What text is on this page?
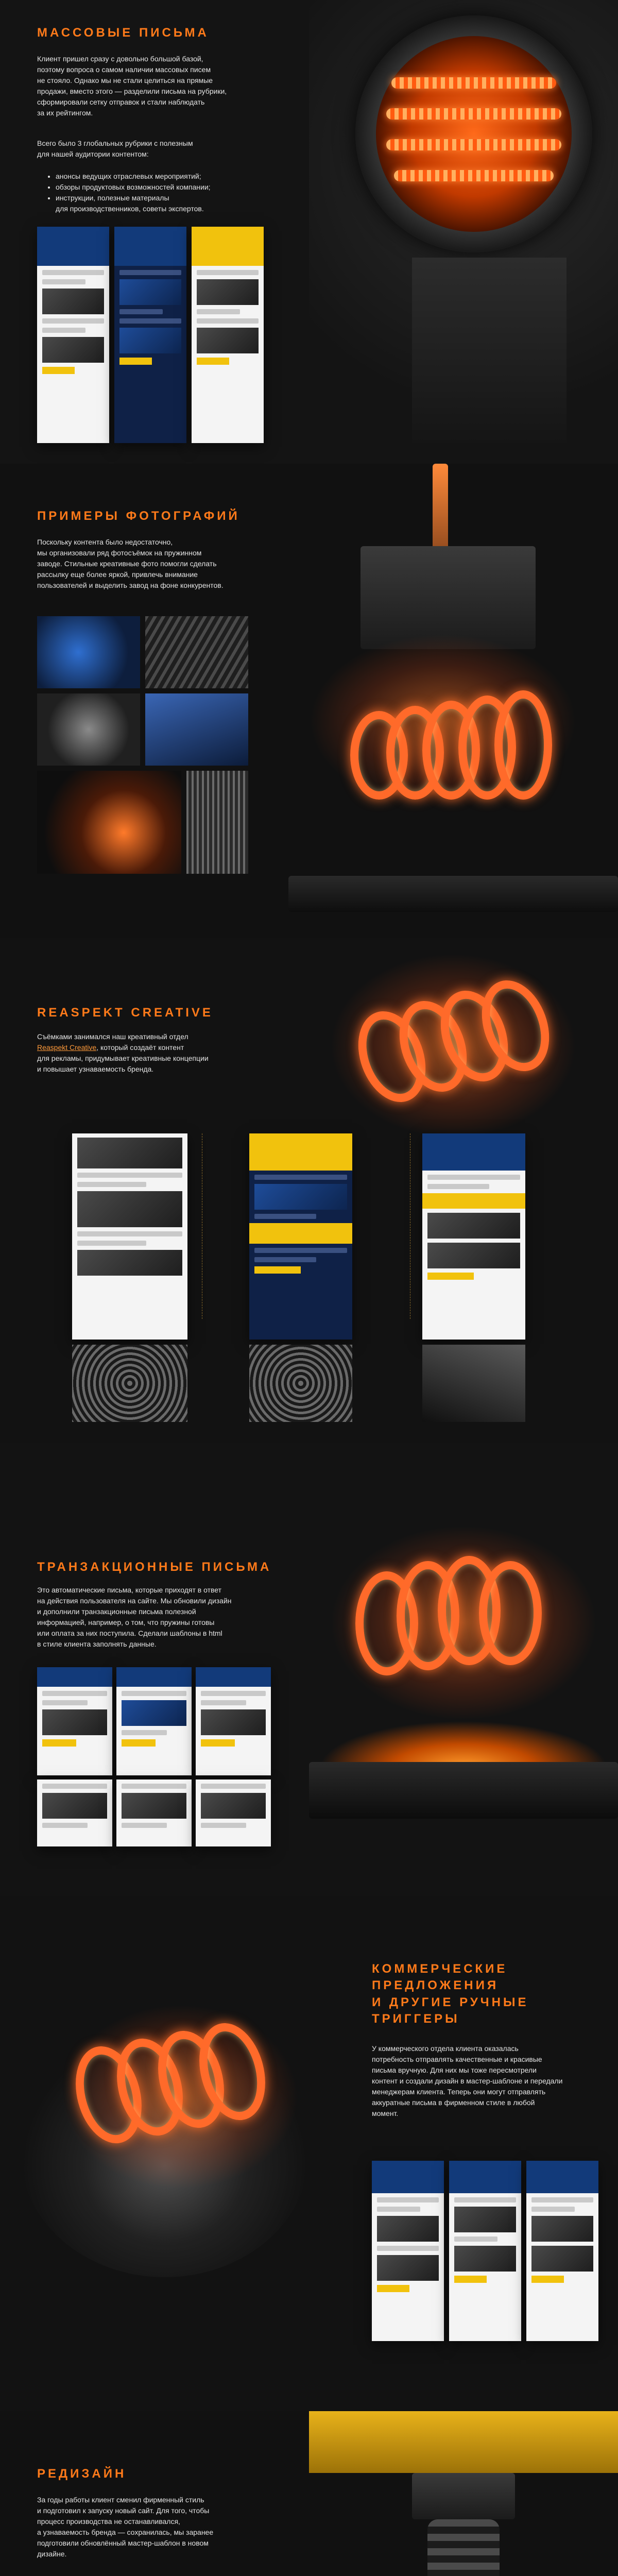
МАССОВЫЕ ПИСЬМА
Клиент пришел сразу с довольно большой базой,
поэтому вопроса о самом наличии массовых писем
не стояло. Однако мы не стали целиться на прямые
продажи, вместо этого — разделили письма на рубрики,
сформировали сетку отправок и стали наблюдать
за их рейтингом.
Всего было 3 глобальных рубрики с полезным
для нашей аудитории контентом:
• анонсы ведущих отраслевых мероприятий;
• обзоры продуктовых возможностей компании;
• инструкции, полезные материалы
для производственников, советы экспертов.
ПРИМЕРЫ ФОТОГРАФИЙ
Поскольку контента было недостаточно,
мы организовали ряд фотосъёмок на пружинном
заводе. Стильные креативные фото помогли сделать
рассылку еще более яркой, привлечь внимание
пользователей и выделить завод на фоне конкурентов.
REASPEKT CREATIVE
Съёмками занимался наш креативный отдел
Reaspekt Creative, который создаёт контент
для рекламы, придумывает креативные концепции
и повышает узнаваемость бренда.
ТРАНЗАКЦИОННЫЕ ПИСЬМА
Это автоматические письма, которые приходят в ответ
на действия пользователя на сайте. Мы обновили дизайн
и дополнили транзакционные письма полезной
информацией, например, о том, что пружины готовы
или оплата за них поступила. Сделали шаблоны в html
в стиле клиента заполнять данные.
КОММЕРЧЕСКИЕ
ПРЕДЛОЖЕНИЯ
И ДРУГИЕ РУЧНЫЕ
ТРИГГЕРЫ
У коммерческого отдела клиента оказалась
потребность отправлять качественные и красивые
письма вручную. Для них мы тоже пересмотрели
контент и создали дизайн в мастер-шаблоне и передали
менеджерам клиента. Теперь они могут отправлять
аккуратные письма в фирменном стиле в любой
момент.
РЕДИЗАЙН
За годы работы клиент сменил фирменный стиль
и подготовил к запуску новый сайт. Для того, чтобы
процесс производства не останавливался,
а узнаваемость бренда — сохранилась, мы заранее
подготовили обновлённый мастер-шаблон в новом
дизайне.
